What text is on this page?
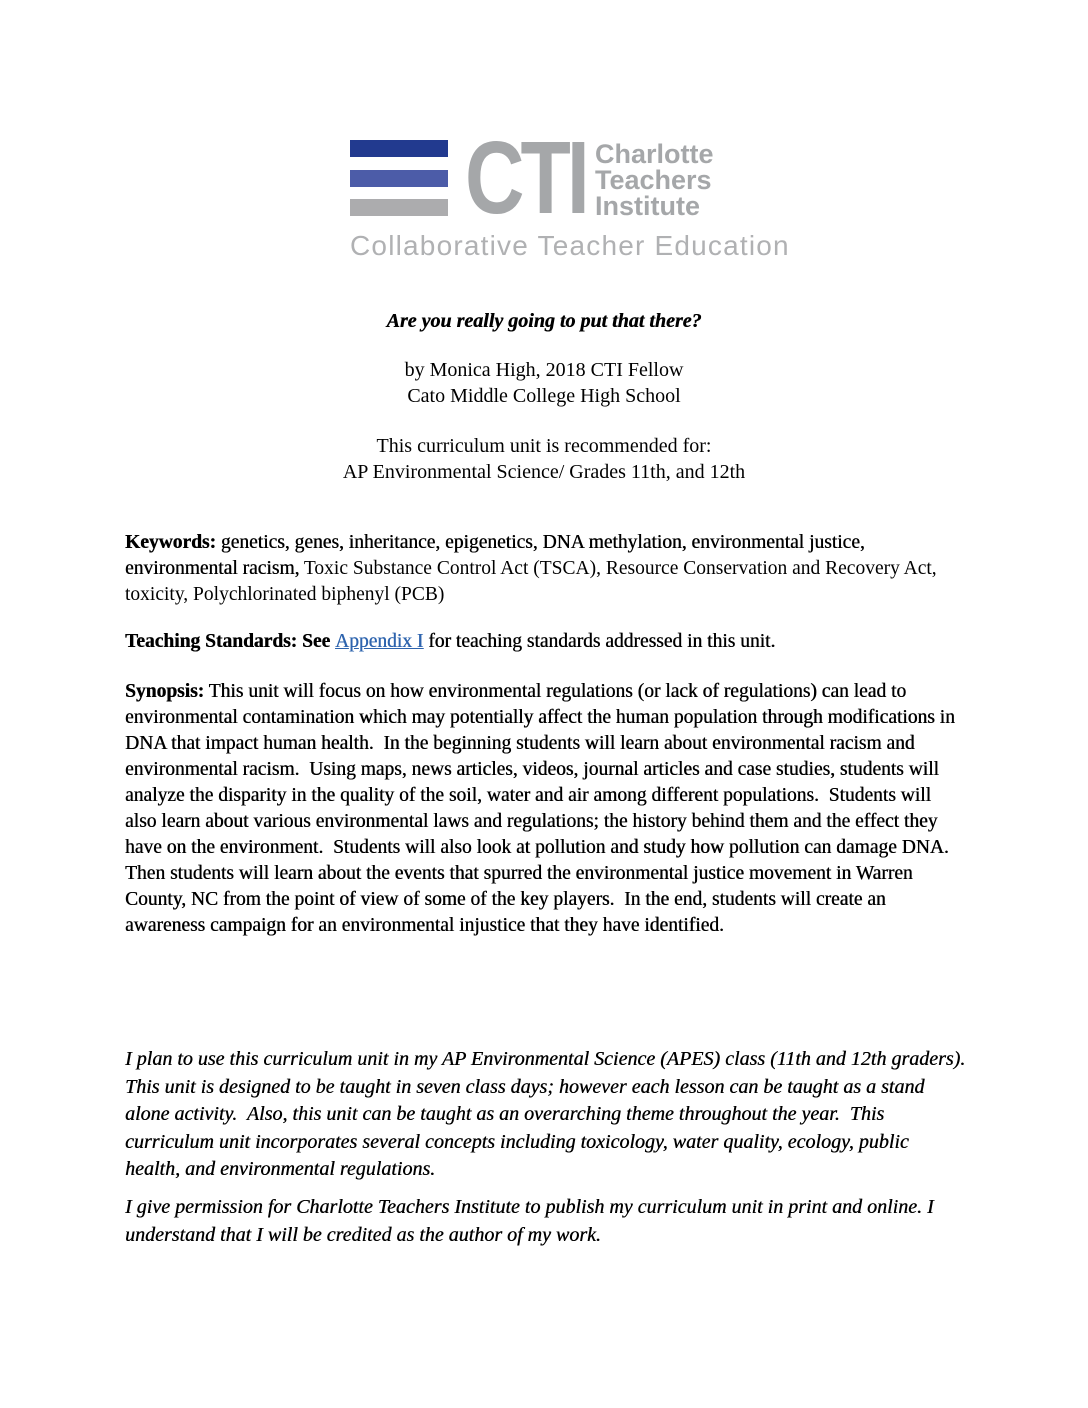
CTI Charlotte
Teachers
Institute
Collaborative Teacher Education
Are you really going to put that there?
by Monica High, 2018 CTI Fellow
Cato Middle College High School
This curriculum unit is recommended for:
AP Environmental Science/ Grades 11th, and 12th

Keywords: genetics, genes, inheritance, epigenetics, DNA methylation, environmental justice, environmental racism, Toxic Substance Control Act (TSCA), Resource Conservation and Recovery Act, toxicity, Polychlorinated biphenyl (PCB)

Teaching Standards: See Appendix I for teaching standards addressed in this unit.

Synopsis: This unit will focus on how environmental regulations (or lack of regulations) can lead to environmental contamination which may potentially affect the human population through modifications in DNA that impact human health.  In the beginning students will learn about environmental racism and environmental racism.  Using maps, news articles, videos, journal articles and case studies, students will analyze the disparity in the quality of the soil, water and air among different populations.  Students will also learn about various environmental laws and regulations; the history behind them and the effect they have on the environment.  Students will also look at pollution and study how pollution can damage DNA.  Then students will learn about the events that spurred the environmental justice movement in Warren County, NC from the point of view of some of the key players.  In the end, students will create an awareness campaign for an environmental injustice that they have identified.

I plan to use this curriculum unit in my AP Environmental Science (APES) class (11th and 12th graders).  This unit is designed to be taught in seven class days; however each lesson can be taught as a stand alone activity.  Also, this unit can be taught as an overarching theme throughout the year.  This curriculum unit incorporates several concepts including toxicology, water quality, ecology, public health, and environmental regulations.

I give permission for Charlotte Teachers Institute to publish my curriculum unit in print and online. I understand that I will be credited as the author of my work.
